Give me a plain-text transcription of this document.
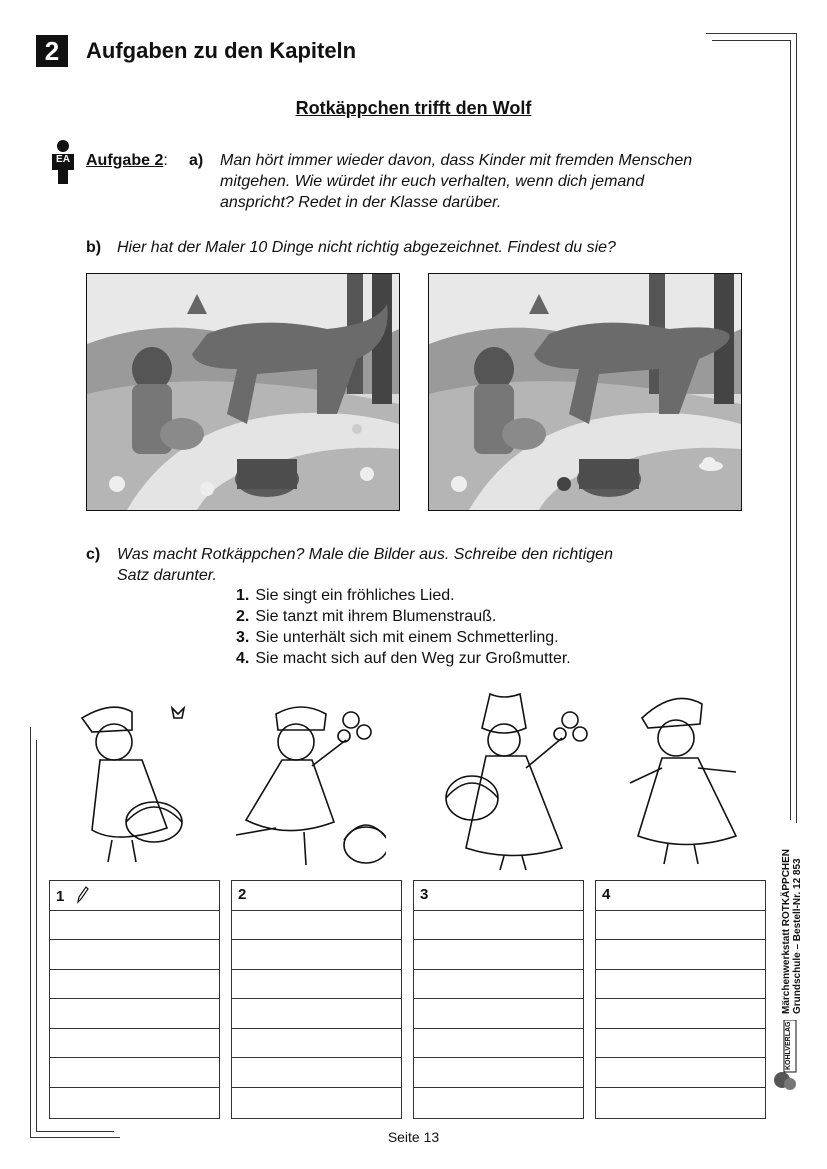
2	Aufgaben zu den Kapiteln
Rotkäppchen trifft den Wolf
EA Aufgabe 2: a) Man hört immer wieder davon, dass Kinder mit fremden Menschen
mitgehen. Wie würdet ihr euch verhalten, wenn dich jemand
anspricht? Redet in der Klasse darüber.
b) Hier hat der Maler 10 Dinge nicht richtig abgezeichnet. Findest du sie?
c) Was macht Rotkäppchen? Male die Bilder aus. Schreibe den richtigen
Satz darunter.
1. Sie singt ein fröhliches Lied.
2. Sie tanzt mit ihrem Blumenstrauß.
3. Sie unterhält sich mit einem Schmetterling.
4. Sie macht sich auf den Weg zur Großmutter.
1	2	3	4	Märchenwerkstatt ROTKÄPPCHEN Grundschule – Bestell-Nr. 12 853
KOHLVERLAG
Seite 13
